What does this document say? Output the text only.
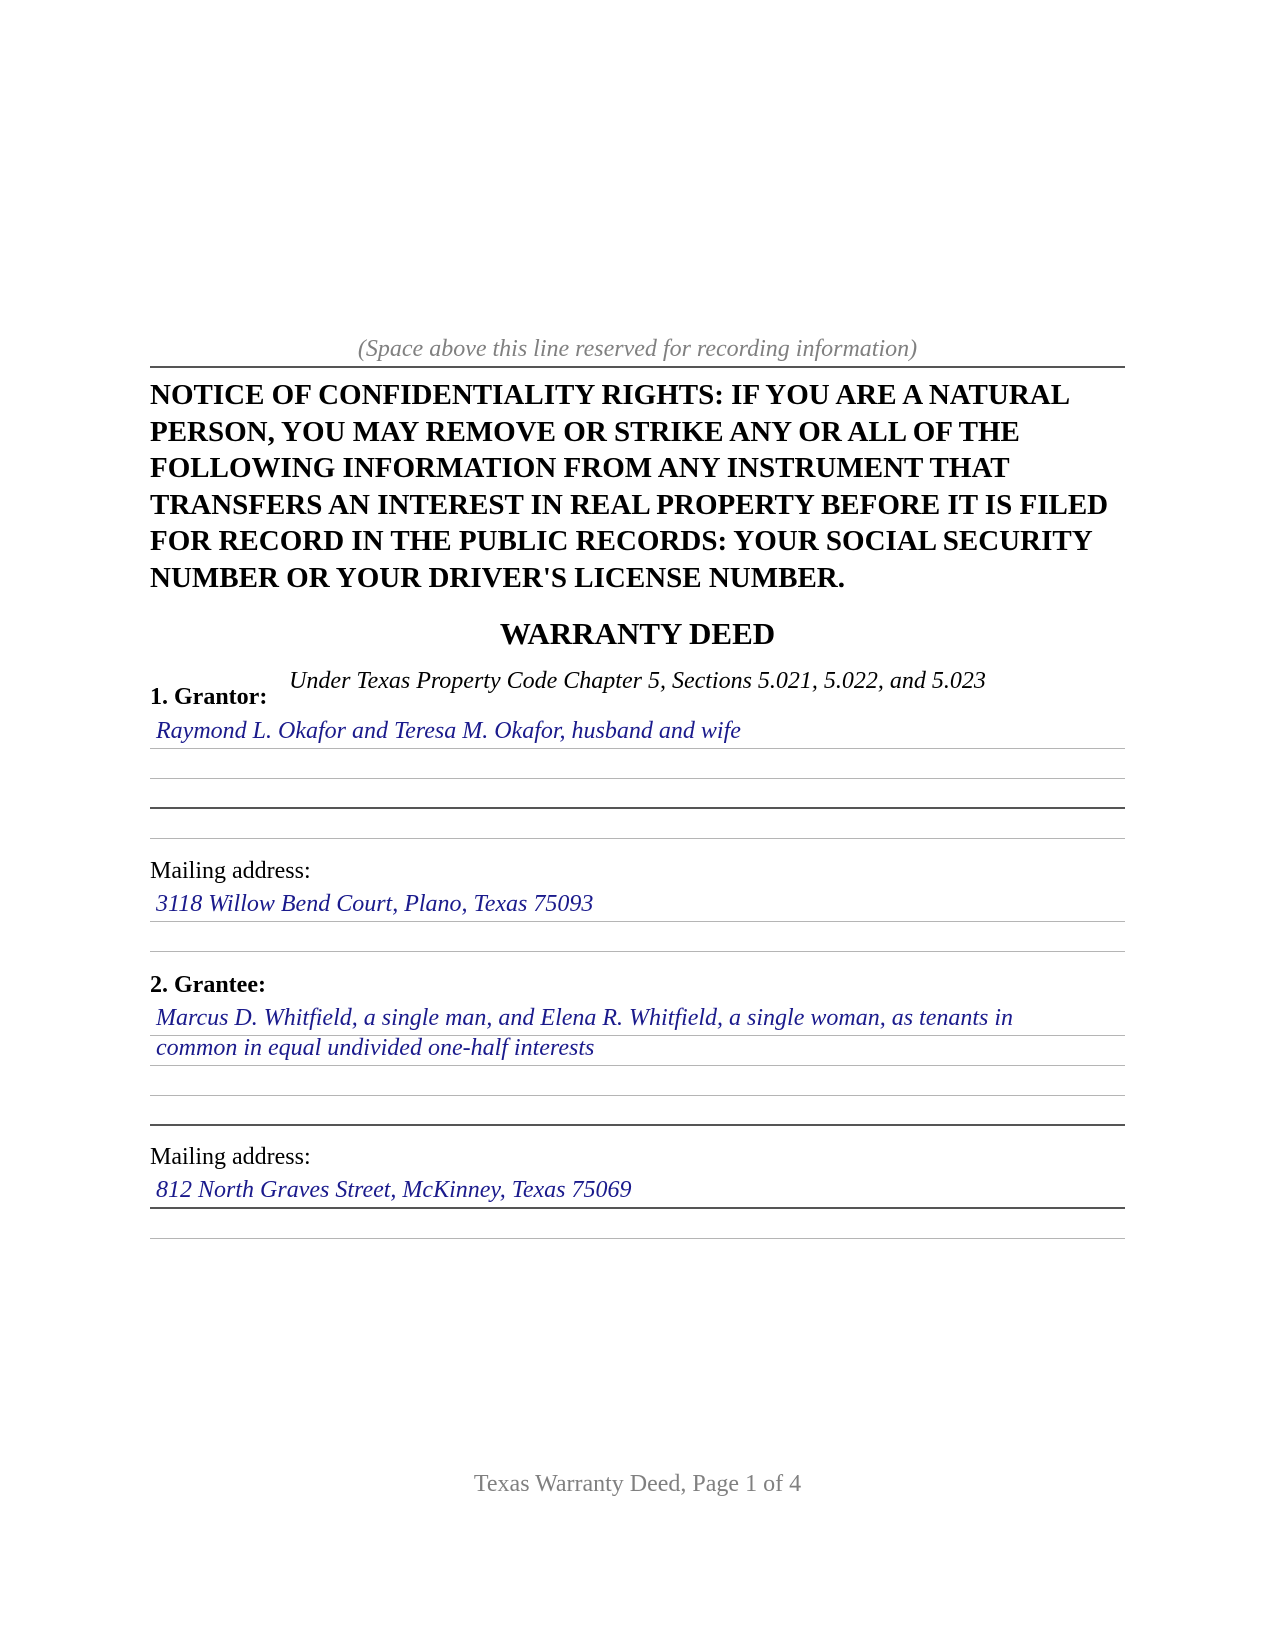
(Space above this line reserved for recording information)
NOTICE OF CONFIDENTIALITY RIGHTS: IF YOU ARE A NATURAL PERSON, YOU MAY REMOVE OR STRIKE ANY OR ALL OF THE FOLLOWING INFORMATION FROM ANY INSTRUMENT THAT TRANSFERS AN INTEREST IN REAL PROPERTY BEFORE IT IS FILED FOR RECORD IN THE PUBLIC RECORDS: YOUR SOCIAL SECURITY NUMBER OR YOUR DRIVER'S LICENSE NUMBER.
WARRANTY DEED
Under Texas Property Code Chapter 5, Sections 5.021, 5.022, and 5.023
1. Grantor:
Raymond L. Okafor and Teresa M. Okafor, husband and wife
Mailing address:
3118 Willow Bend Court, Plano, Texas 75093
2. Grantee:
Marcus D. Whitfield, a single man, and Elena R. Whitfield, a single woman, as tenants in
common in equal undivided one-half interests
Mailing address:
812 North Graves Street, McKinney, Texas 75069
Texas Warranty Deed, Page 1 of 4
